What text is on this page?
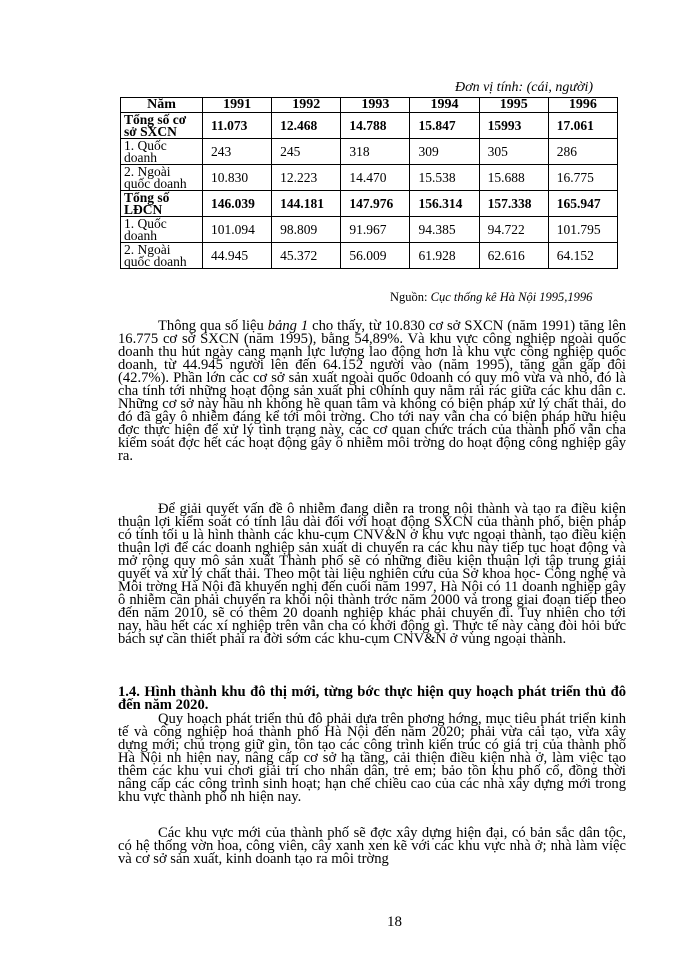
Đơn vị tính: (cái, người)
Năm	1991	1992	1993	1994	1995	1996
Tổng số cơ sở SXCN	11.073	12.468	14.788	15.847	15993	17.061
1. Quốc doanh	243	245	318	309	305	286
2. Ngoài quốc doanh	10.830	12.223	14.470	15.538	15.688	16.775
Tổng số LĐCN	146.039	144.181	147.976	156.314	157.338	165.947
1. Quốc doanh	101.094	98.809	91.967	94.385	94.722	101.795
2. Ngoài quốc doanh	44.945	45.372	56.009	61.928	62.616	64.152
Nguồn: Cục thống kê Hà Nội 1995,1996

Thông qua số liệu bảng 1 cho thấy, từ 10.830 cơ sở SXCN (năm 1991) tăng lên 16.775 cơ sở SXCN (năm 1995), bằng 54,89%. Và khu vực công nghiệp ngoài quốc doanh thu hút ngày càng mạnh lực lượng lao động hơn là khu vực công nghiệp quốc doanh, từ 44.945 người lên đến 64.152 người vào (năm 1995), tăng gần gấp đôi (42.7%). Phần lớn các cơ sở sản xuất ngoài quốc 0doanh có quy mô vừa và nhỏ, đó là cha tính tới những hoạt động sản xuất phi c0hính quy nằm rải rác giữa các khu dân c. Những cơ sở này hầu nh không hề quan tâm và không có biện pháp xử lý chất thải, do đó đã gây ô nhiễm đáng kể tới môi trờng. Cho tới nay vẫn cha có biện pháp hữu hiệu đợc thực hiện để xử lý tình trạng này, các cơ quan chức trách của thành phố vẫn cha kiểm soát đợc hết các hoạt động gây ô nhiễm môi trờng do hoạt động công nghiệp gây ra.

Để giải quyết vấn đề ô nhiễm đang diễn ra trong nội thành và tạo ra điều kiện thuận lợi kiểm soát có tính lâu dài đối với hoạt động SXCN của thành phố, biện pháp có tính tối u là hình thành các khu-cụm CNV&N ở khu vực ngoại thành, tạo điều kiện thuận lợi để các doanh nghiệp sản xuất di chuyển ra các khu này tiếp tục hoạt động và mở rộng quy mô sản xuất Thành phố sẽ có những điều kiện thuận lợi tập trung giải quyết và xử lý chất thải. Theo một tài liệu nghiên cứu của Sở khoa học- Công nghệ và Môi trờng Hà Nội đã khuyến nghị đến cuối năm 1997, Hà Nội có 11 doanh nghiệp gây ô nhiễm cần phải chuyển ra khỏi nội thành trớc năm 2000 và trong giai đoạn tiếp theo đến năm 2010, sẽ có thêm 20 doanh nghiệp khác phải chuyển đi. Tuy nhiên cho tới nay, hầu hết các xí nghiệp trên vẫn cha có khởi động gì. Thực tế này càng đòi hỏi bức bách sự cần thiết phải ra đời sớm các khu-cụm CNV&N ở vùng ngoại thành.

1.4. Hình thành khu đô thị mới, từng bớc thực hiện quy hoạch phát triển thủ đô đến năm 2020.

Quy hoạch phát triển thủ đô phải dựa trên phơng hớng, mục tiêu phát triển kinh tế và công nghiệp hoá thành phố Hà Nội đến năm 2020; phải vừa cải tạo, vừa xây dựng mới; chú trọng giữ gìn, tôn tạo các công trình kiến trúc có giá trị của thành phố Hà Nội nh hiện nay, nâng cấp cơ sở hạ tầng, cải thiện điều kiện nhà ở, làm việc tạo thêm các khu vui chơi giải trí cho nhân dân, trẻ em; bảo tồn khu phố cổ, đồng thời nâng cấp các công trình sinh hoạt; hạn chế chiều cao của các nhà xây dựng mới trong khu vực thành phố nh hiện nay.

Các khu vực mới của thành phố sẽ đợc xây dựng hiện đại, có bản sắc dân tộc, có hệ thống vờn hoa, công viên, cây xanh xen kẽ với các khu vực nhà ở; nhà làm việc và cơ sở sản xuất, kinh doanh tạo ra môi trờng

18
